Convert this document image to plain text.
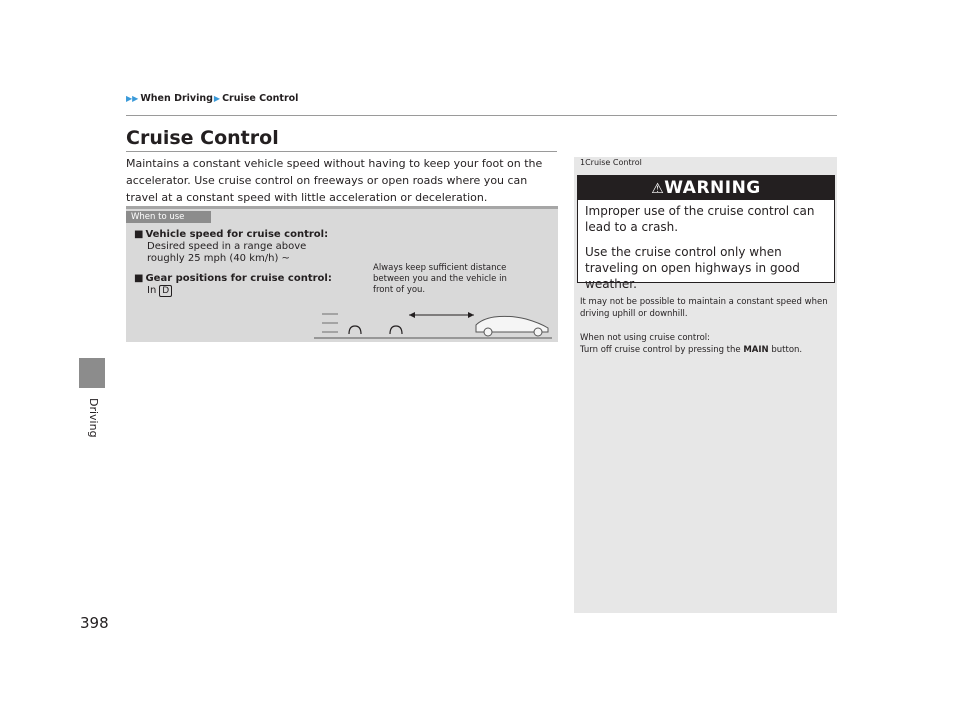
▶▶ When Driving ▶ Cruise Control
Driving
398
Cruise Control
Maintains a constant vehicle speed without having to keep your foot on the accelerator. Use cruise control on freeways or open roads where you can travel at a constant speed with little acceleration or deceleration.
When to use
■ Vehicle speed for cruise control:
Desired speed in a range above roughly 25 mph (40 km/h) ~
■ Gear positions for cruise control:
In D
Always keep sufficient distance between you and the vehicle in front of you.
1Cruise Control
⚠WARNING
Improper use of the cruise control can lead to a crash.
Use the cruise control only when traveling on open highways in good weather.
It may not be possible to maintain a constant speed when driving uphill or downhill.
When not using cruise control:
Turn off cruise control by pressing the MAIN button.
